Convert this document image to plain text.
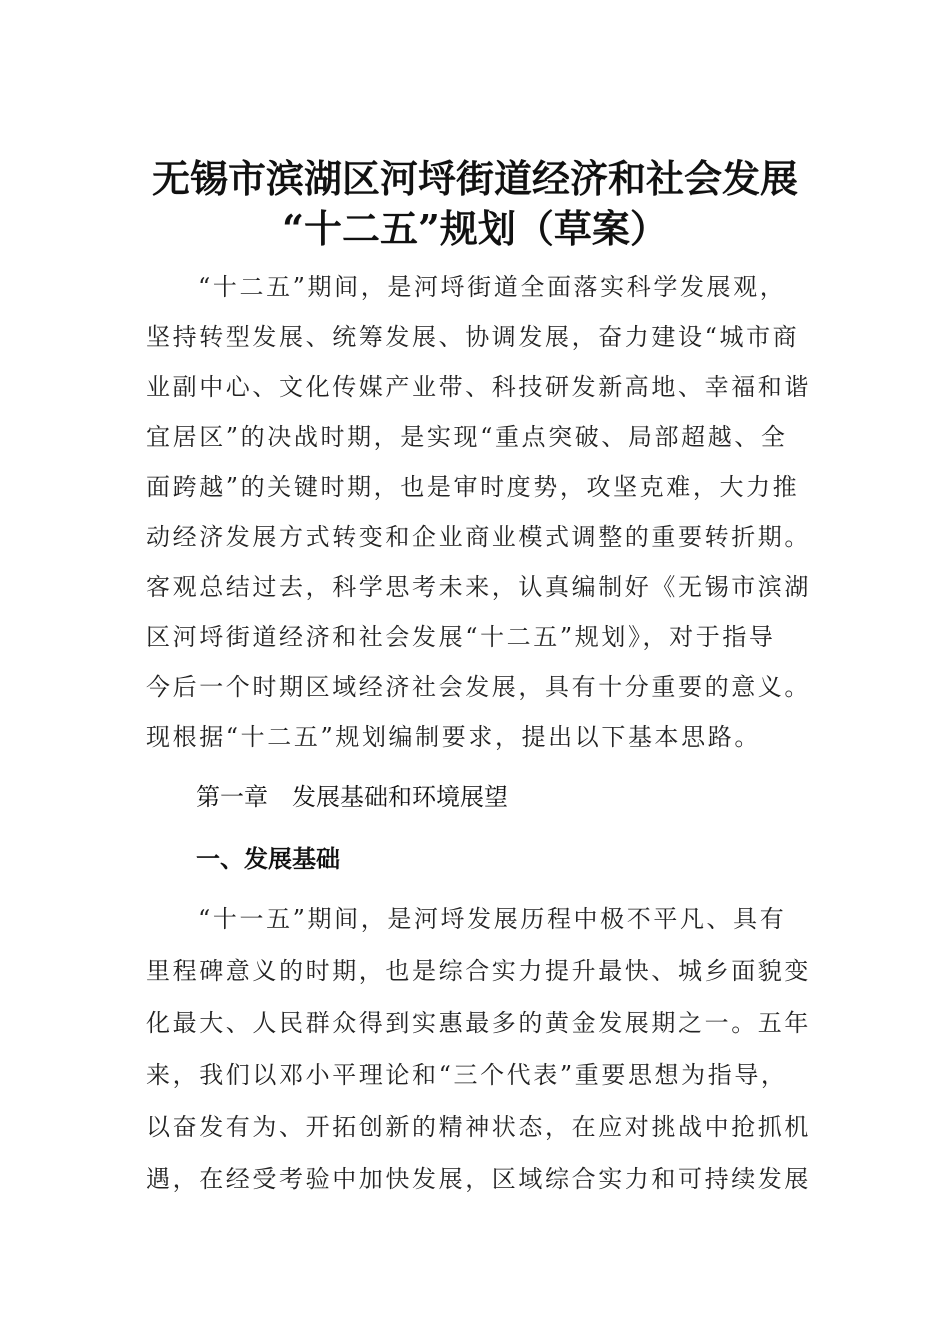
无锡市滨湖区河埒街道经济和社会发展
“十二五”规划（草案）
“十二五”期间，是河埒街道全面落实科学发展观，
坚持转型发展、统筹发展、协调发展，奋力建设“城市商
业副中心、文化传媒产业带、科技研发新高地、幸福和谐
宜居区”的决战时期，是实现“重点突破、局部超越、全
面跨越”的关键时期，也是审时度势，攻坚克难，大力推
动经济发展方式转变和企业商业模式调整的重要转折期。
客观总结过去，科学思考未来，认真编制好《无锡市滨湖
区河埒街道经济和社会发展“十二五”规划》，对于指导
今后一个时期区域经济社会发展，具有十分重要的意义。
现根据“十二五”规划编制要求，提出以下基本思路。
第一章　发展基础和环境展望
一、发展基础
“十一五”期间，是河埒发展历程中极不平凡、具有
里程碑意义的时期，也是综合实力提升最快、城乡面貌变
化最大、人民群众得到实惠最多的黄金发展期之一。五年
来，我们以邓小平理论和“三个代表”重要思想为指导，
以奋发有为、开拓创新的精神状态，在应对挑战中抢抓机
遇，在经受考验中加快发展，区域综合实力和可持续发展
